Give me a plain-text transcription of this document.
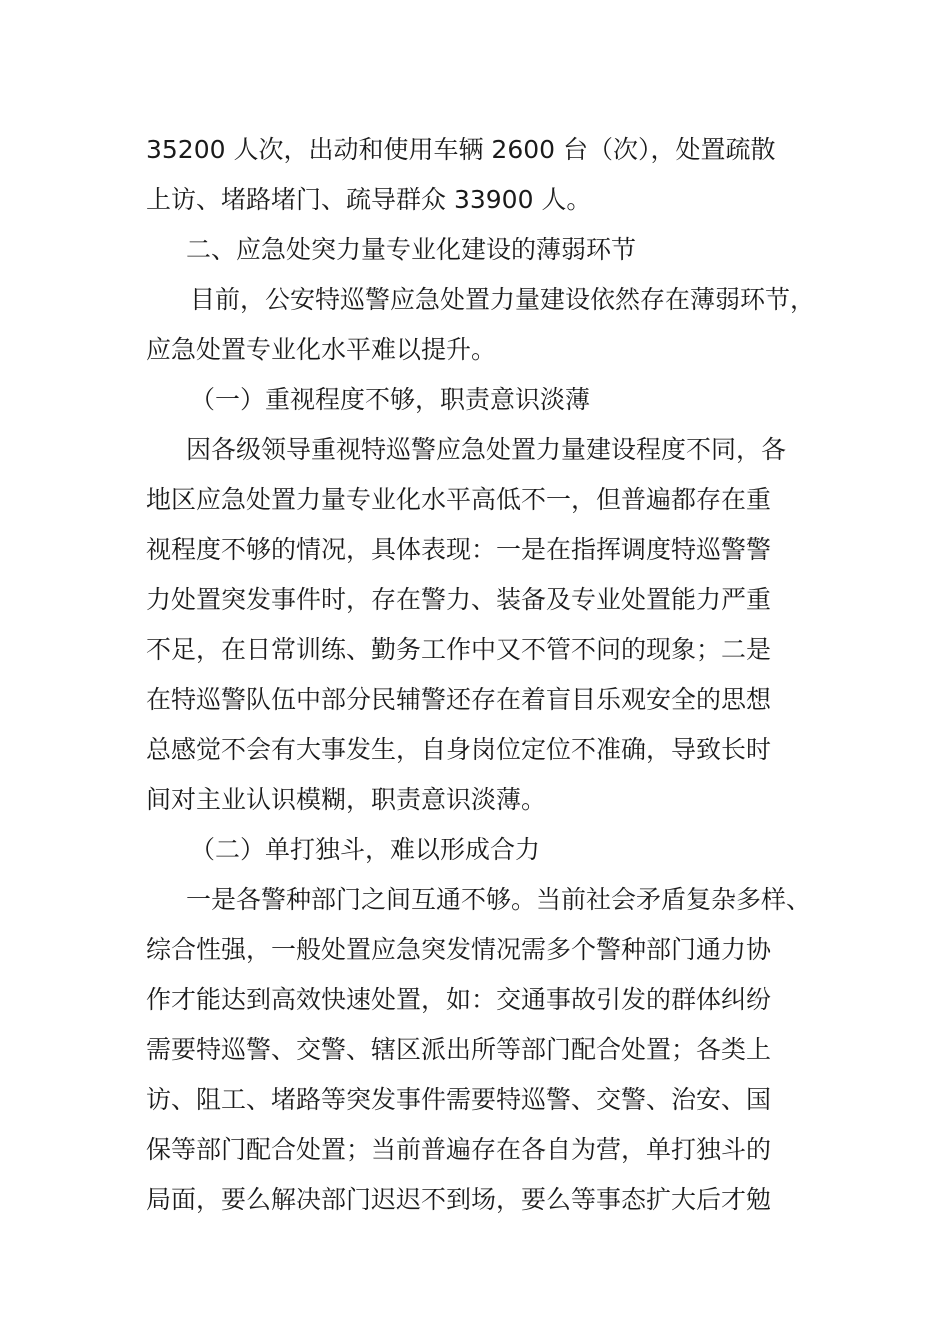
35200 人次，出动和使用车辆 2600 台（次），处置疏散
上访、堵路堵门、疏导群众 33900 人。
二、应急处突力量专业化建设的薄弱环节
目前，公安特巡警应急处置力量建设依然存在薄弱环节，
应急处置专业化水平难以提升。
（一）重视程度不够，职责意识淡薄
因各级领导重视特巡警应急处置力量建设程度不同，各
地区应急处置力量专业化水平高低不一，但普遍都存在重
视程度不够的情况，具体表现：一是在指挥调度特巡警警
力处置突发事件时，存在警力、装备及专业处置能力严重
不足，在日常训练、勤务工作中又不管不问的现象；二是
在特巡警队伍中部分民辅警还存在着盲目乐观安全的思想
总感觉不会有大事发生，自身岗位定位不准确，导致长时
间对主业认识模糊，职责意识淡薄。
（二）单打独斗，难以形成合力
一是各警种部门之间互通不够。当前社会矛盾复杂多样、
综合性强，一般处置应急突发情况需多个警种部门通力协
作才能达到高效快速处置，如：交通事故引发的群体纠纷
需要特巡警、交警、辖区派出所等部门配合处置；各类上
访、阻工、堵路等突发事件需要特巡警、交警、治安、国
保等部门配合处置；当前普遍存在各自为营，单打独斗的
局面，要么解决部门迟迟不到场，要么等事态扩大后才勉
